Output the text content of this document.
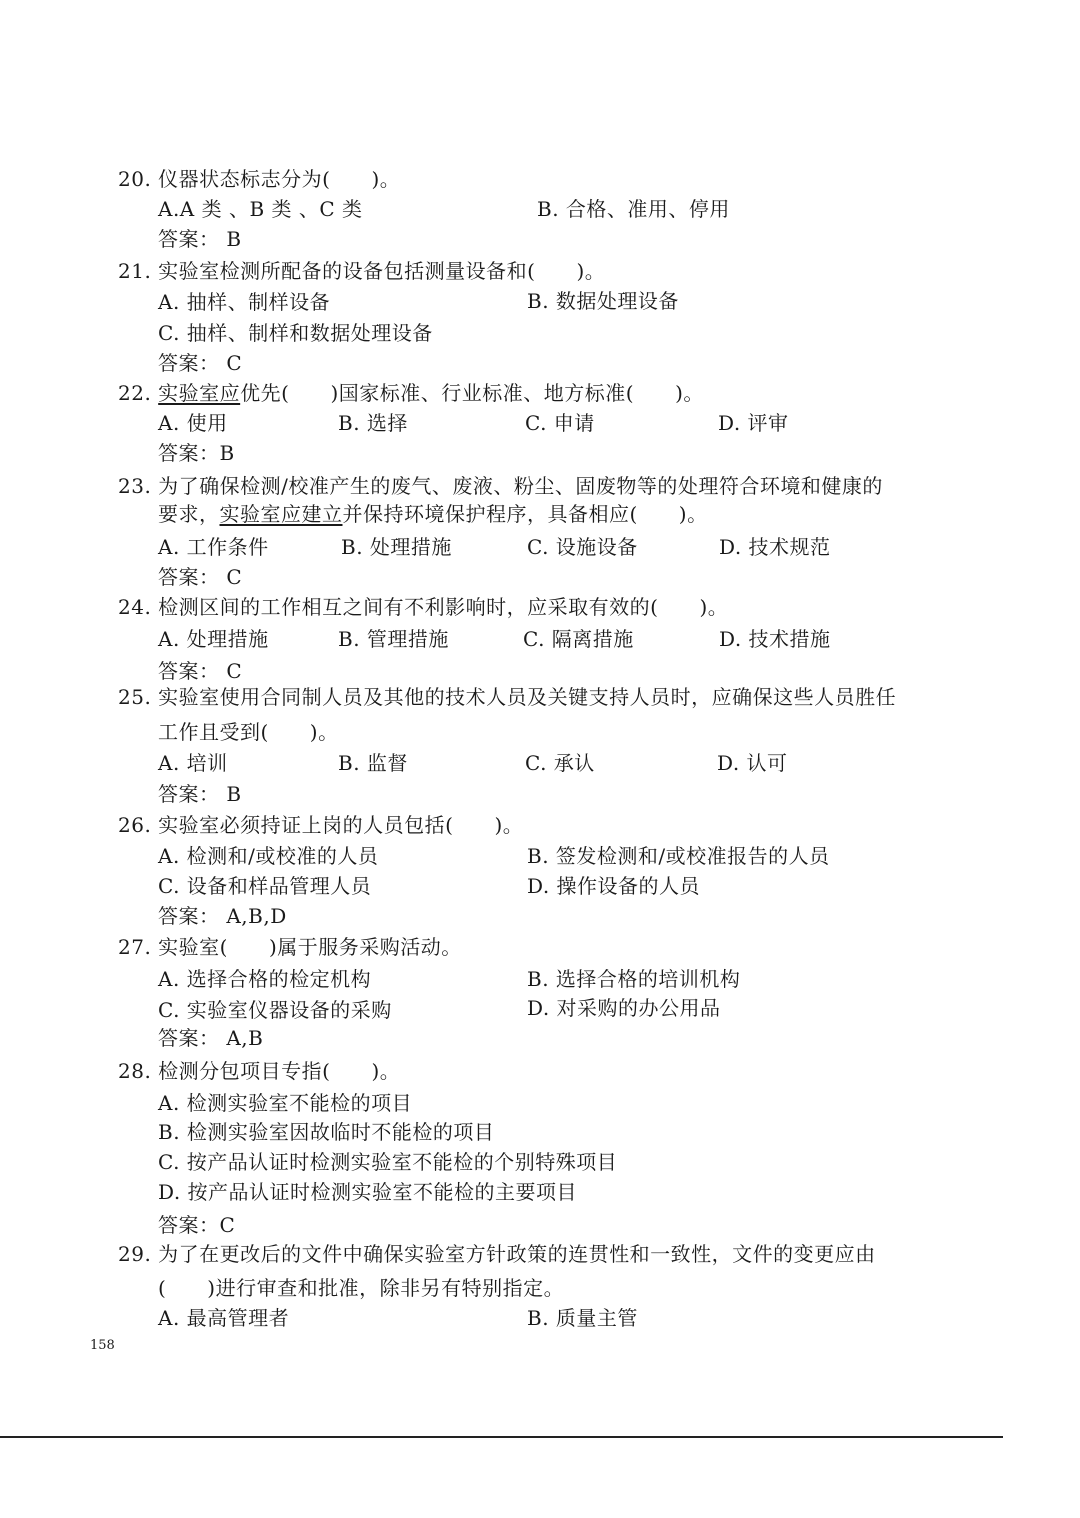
20. 仪器状态标志分为(　　)。
A.A 类 、B 类 、C 类	B. 合格、准用、停用
答案： B
21. 实验室检测所配备的设备包括测量设备和(　　)。
A. 抽样、制样设备	B. 数据处理设备
C. 抽样、制样和数据处理设备
答案： C
22. 实验室应优先(　　)国家标准、行业标准、地方标准(　　)。
A. 使用	B. 选择	C. 申请	D. 评审
答案：B
23. 为了确保检测/校准产生的废气、废液、粉尘、固废物等的处理符合环境和健康的
要求，实验室应建立并保持环境保护程序，具备相应(　　)。
A. 工作条件	B. 处理措施	C. 设施设备	D. 技术规范
答案： C
24. 检测区间的工作相互之间有不利影响时，应采取有效的(　　)。
A. 处理措施	B. 管理措施	C. 隔离措施	D. 技术措施
答案： C
25. 实验室使用合同制人员及其他的技术人员及关键支持人员时，应确保这些人员胜任
工作且受到(　　)。
A. 培训	B. 监督	C. 承认	D. 认可
答案： B
26. 实验室必须持证上岗的人员包括(　　)。
A. 检测和/或校准的人员	B. 签发检测和/或校准报告的人员
C. 设备和样品管理人员	D. 操作设备的人员
答案： A,B,D
27. 实验室(　　)属于服务采购活动。
A. 选择合格的检定机构	B. 选择合格的培训机构
C. 实验室仪器设备的采购	D. 对采购的办公用品
答案： A,B
28. 检测分包项目专指(　　)。
A. 检测实验室不能检的项目
B. 检测实验室因故临时不能检的项目
C. 按产品认证时检测实验室不能检的个别特殊项目
D. 按产品认证时检测实验室不能检的主要项目
答案：C
29. 为了在更改后的文件中确保实验室方针政策的连贯性和一致性，文件的变更应由
(　　)进行审查和批准，除非另有特别指定。
A. 最高管理者	B. 质量主管
158
